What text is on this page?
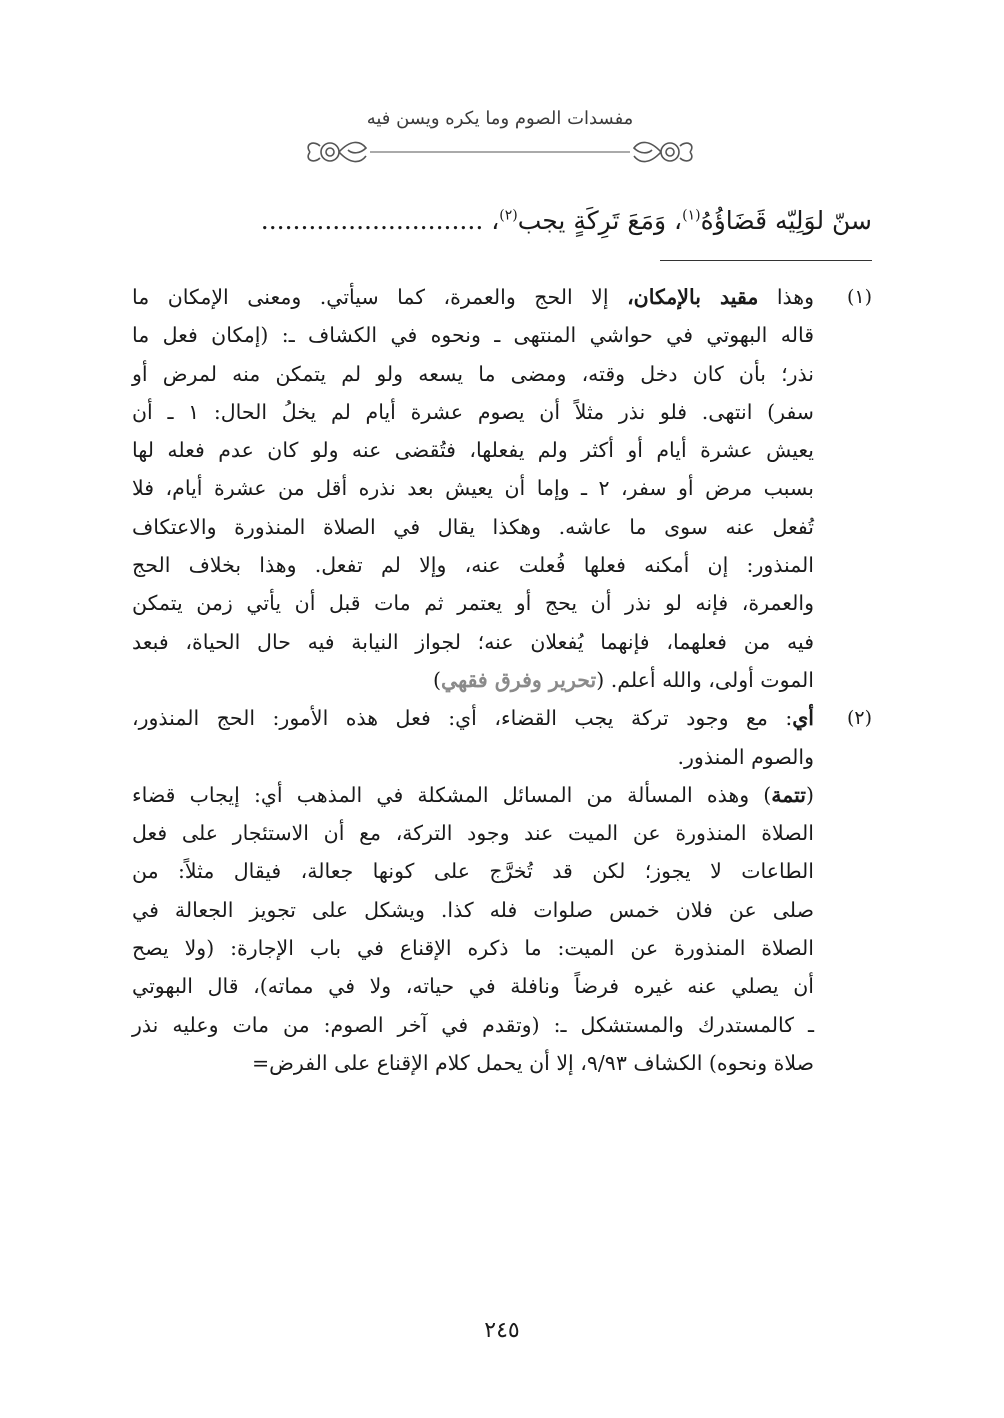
مفسدات الصوم وما يكره ويسن فيه
سنّ لوَلِيّه قَضَاؤُهُ$^{(١)}$، وَمَعَ تَرِكَةٍ يجب$^{(٢)}$، ............................
(١)
وهذا مقيد بالإمكان، إلا الحج والعمرة، كما سيأتي. ومعنى الإمكان ما
قاله البهوتي في حواشي المنتهى ـ ونحوه في الكشاف ـ: (إمكان فعل ما
نذر؛ بأن كان دخل وقته، ومضى ما يسعه ولو لم يتمكن منه لمرض أو
سفر) انتهى. فلو نذر مثلاً أن يصوم عشرة أيام لم يخلُ الحال: ١ ـ أن
يعيش عشرة أيام أو أكثر ولم يفعلها، فتُقضى عنه ولو كان عدم فعله لها
بسبب مرض أو سفر، ٢ ـ وإما أن يعيش بعد نذره أقل من عشرة أيام، فلا
تُفعل عنه سوى ما عاشه. وهكذا يقال في الصلاة المنذورة والاعتكاف
المنذور: إن أمكنه فعلها فُعلت عنه، وإلا لم تفعل. وهذا بخلاف الحج
والعمرة، فإنه لو نذر أن يحج أو يعتمر ثم مات قبل أن يأتي زمن يتمكن
فيه من فعلهما، فإنهما يُفعلان عنه؛ لجواز النيابة فيه حال الحياة، فبعد
الموت أولى، والله أعلم. (تحرير وفرق فقهي)
(٢)
أي: مع وجود تركة يجب القضاء، أي: فعل هذه الأمور: الحج المنذور،
والصوم المنذور.
(تتمة) وهذه المسألة من المسائل المشكلة في المذهب أي: إيجاب قضاء
الصلاة المنذورة عن الميت عند وجود التركة، مع أن الاستئجار على فعل
الطاعات لا يجوز؛ لكن قد تُخرَّج على كونها جعالة، فيقال مثلاً: من
صلى عن فلان خمس صلوات فله كذا. ويشكل على تجويز الجعالة في
الصلاة المنذورة عن الميت: ما ذكره الإقناع في باب الإجارة: (ولا يصح
أن يصلي عنه غيره فرضاً ونافلة في حياته، ولا في مماته)، قال البهوتي
ـ كالمستدرك والمستشكل ـ: (وتقدم في آخر الصوم: من مات وعليه نذر
صلاة ونحوه) الكشاف ٩/٩٣، إلا أن يحمل كلام الإقناع على الفرض=
٢٤٥
